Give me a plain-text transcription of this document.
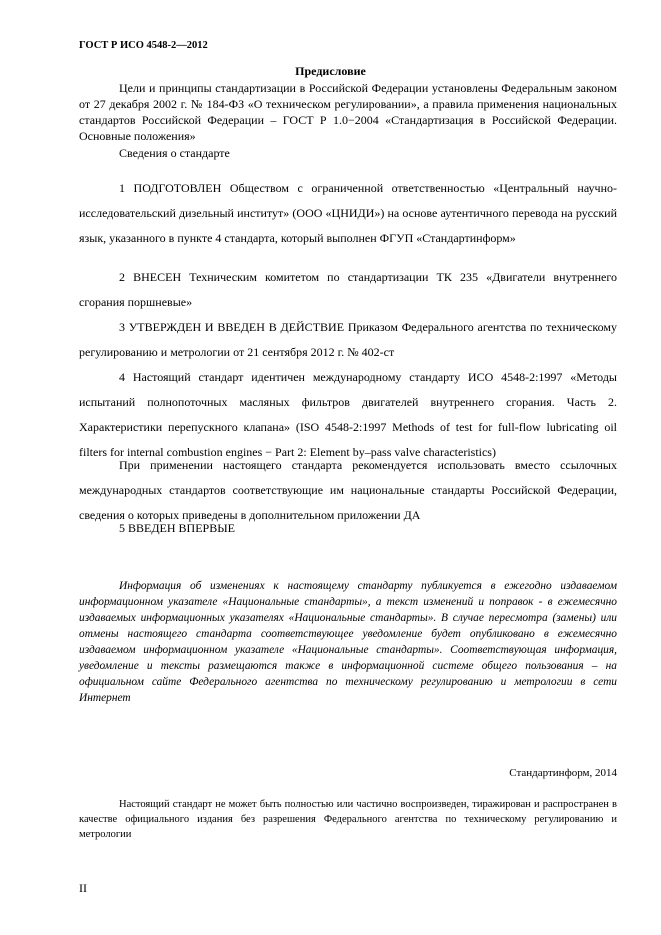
ГОСТ Р ИСО 4548-2—2012
Предисловие

Цели и принципы стандартизации в Российской Федерации установлены Федеральным законом от 27 декабря 2002 г. № 184-ФЗ «О техническом регулировании», а правила применения национальных стандартов Российской Федерации – ГОСТ Р 1.0−2004 «Стандартизация в Российской Федерации. Основные положения»

Сведения о стандарте

1 ПОДГОТОВЛЕН Обществом с ограниченной ответственностью «Центральный научно-исследовательский дизельный институт» (ООО «ЦНИДИ») на основе аутентичного перевода на русский язык, указанного в пункте 4 стандарта, который выполнен ФГУП «Стандартинформ»

2 ВНЕСЕН Техническим комитетом по стандартизации ТК 235 «Двигатели внутреннего сгорания поршневые»

3 УТВЕРЖДЕН И ВВЕДЕН В ДЕЙСТВИЕ Приказом Федерального агентства по техническому регулированию и метрологии от 21 сентября 2012 г. № 402-ст

4 Настоящий стандарт идентичен международному стандарту ИСО 4548-2:1997 «Методы испытаний полнопоточных масляных фильтров двигателей внутреннего сгорания. Часть 2. Характеристики перепускного клапана» (ISO 4548-2:1997 Methods of test for full-flow lubricating oil filters for internal combustion engines − Part 2: Element by–pass valve characteristics)

При применении настоящего стандарта рекомендуется использовать вместо ссылочных международных стандартов соответствующие им национальные стандарты Российской Федерации, сведения о которых приведены в дополнительном приложении ДА

5 ВВЕДЕН ВПЕРВЫЕ

Информация об изменениях к настоящему стандарту публикуется в ежегодно издаваемом информационном указателе «Национальные стандарты», а текст изменений и поправок - в ежемесячно издаваемых информационных указателях «Национальные стандарты». В случае пересмотра (замены) или отмены настоящего стандарта соответствующее уведомление будет опубликовано в ежемесячно издаваемом информационном указателе «Национальные стандарты». Соответствующая информация, уведомление и тексты размещаются также в информационной системе общего пользования – на официальном сайте Федерального агентства по техническому регулированию и метрологии в сети Интернет

Стандартинформ, 2014

Настоящий стандарт не может быть полностью или частично воспроизведен, тиражирован и распространен в качестве официального издания без разрешения Федерального агентства по техническому регулированию и метрологии

II
